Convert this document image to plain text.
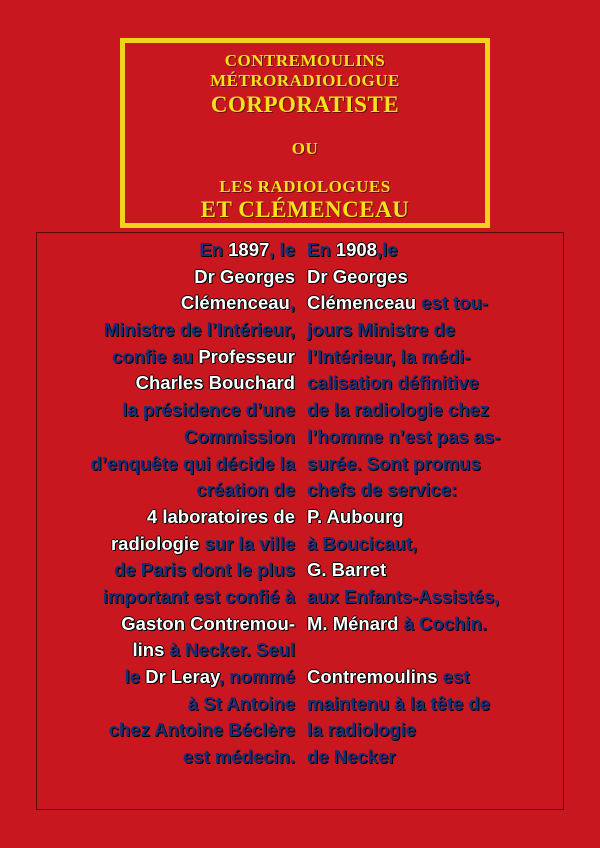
CONTREMOULINS
MÉTRORADIOLOGUE
CORPORATISTE
OU
LES RADIOLOGUES
ET CLÉMENCEAU
En 1897, le
Dr Georges
Clémenceau,
Ministre de l’Intérieur,
confie au Professeur
Charles Bouchard
la présidence d’une
Commission
d’enquête qui décide la
création de
4 laboratoires de
radiologie sur la ville
de Paris dont le plus
important est confié à
Gaston Contremou-
lins à Necker. Seul
le Dr Leray, nommé
à St Antoine
chez Antoine Béclère
est médecin.
En 1908,le
Dr Georges
Clémenceau est tou-
jours Ministre de
l’Intérieur, la médi-
calisation définitive
de la radiologie chez
l’homme n’est pas as-
surée. Sont promus
chefs de service:
P. Aubourg
à Boucicaut,
G. Barret
aux Enfants-Assistés,
M. Ménard à Cochin.
Contremoulins est
maintenu à la tête de
la radiologie
de Necker
